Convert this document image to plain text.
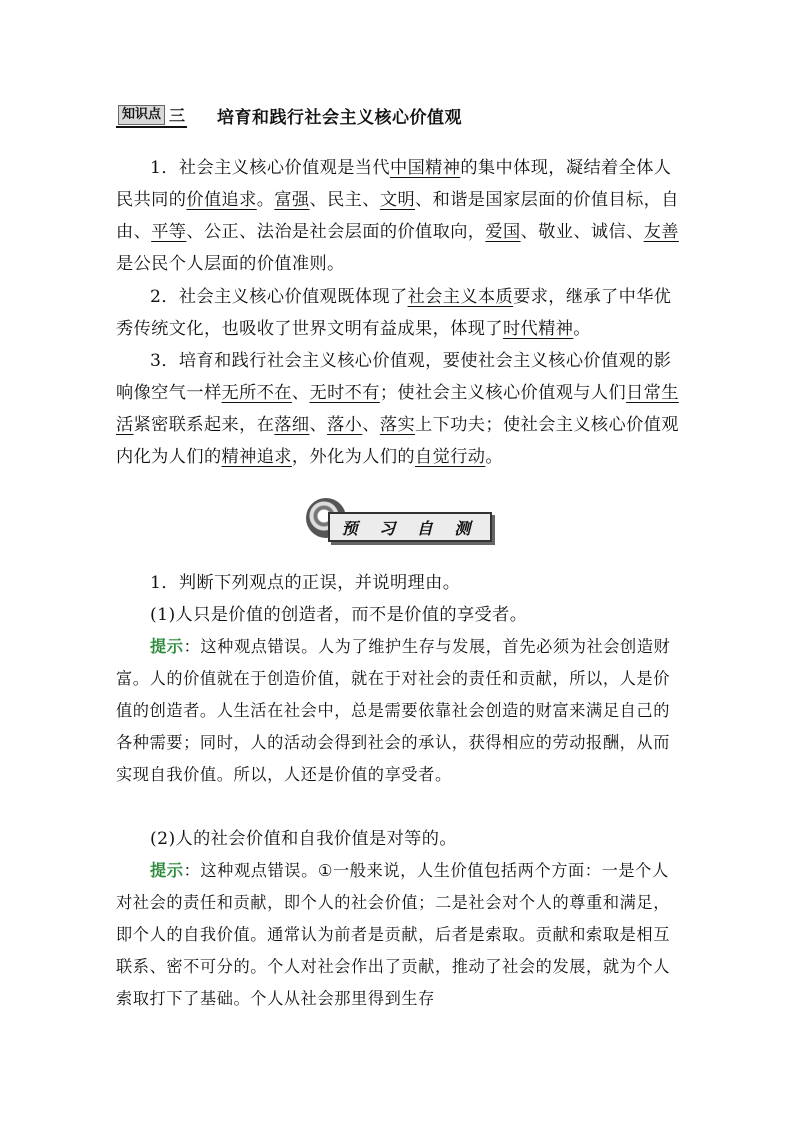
知识点 三 培育和践行社会主义核心价值观

1．社会主义核心价值观是当代中国精神的集中体现，凝结着全体人民共同的价值追求。富强、民主、文明、和谐是国家层面的价值目标，自由、平等、公正、法治是社会层面的价值取向，爱国、敬业、诚信、友善是公民个人层面的价值准则。

2．社会主义核心价值观既体现了社会主义本质要求，继承了中华优秀传统文化，也吸收了世界文明有益成果，体现了时代精神。

3．培育和践行社会主义核心价值观，要使社会主义核心价值观的影响像空气一样无所不在、无时不有；使社会主义核心价值观与人们日常生活紧密联系起来，在落细、落小、落实上下功夫；使社会主义核心价值观内化为人们的精神追求，外化为人们的自觉行动。

预 习 自 测

1．判断下列观点的正误，并说明理由。

(1)人只是价值的创造者，而不是价值的享受者。

提示：这种观点错误。人为了维护生存与发展，首先必须为社会创造财富。人的价值就在于创造价值，就在于对社会的责任和贡献，所以，人是价值的创造者。人生活在社会中，总是需要依靠社会创造的财富来满足自己的各种需要；同时，人的活动会得到社会的承认，获得相应的劳动报酬，从而实现自我价值。所以，人还是价值的享受者。

(2)人的社会价值和自我价值是对等的。

提示：这种观点错误。①一般来说，人生价值包括两个方面：一是个人对社会的责任和贡献，即个人的社会价值；二是社会对个人的尊重和满足，即个人的自我价值。通常认为前者是贡献，后者是索取。贡献和索取是相互联系、密不可分的。个人对社会作出了贡献，推动了社会的发展，就为个人索取打下了基础。个人从社会那里得到生存
